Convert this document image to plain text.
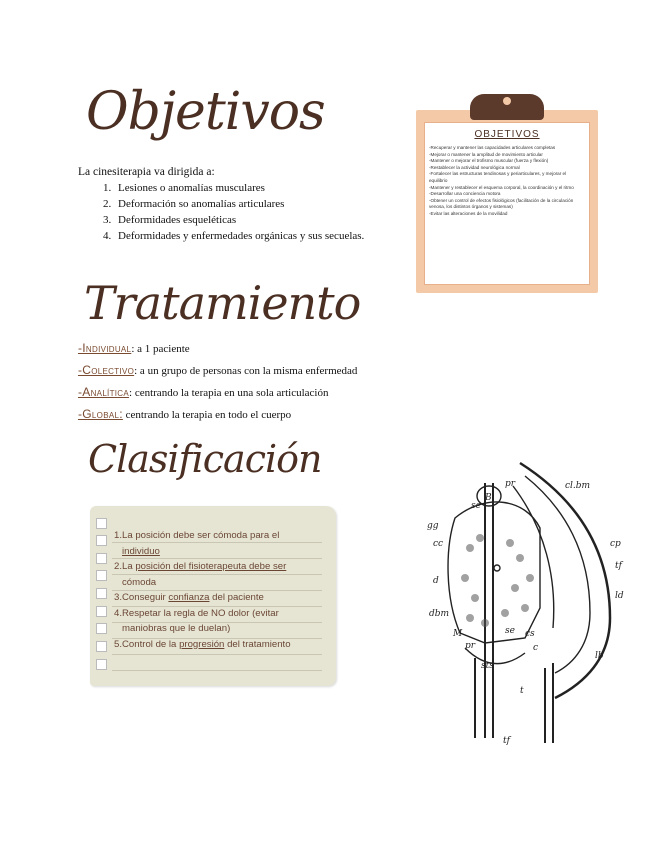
Objetivos
Tratamiento
Clasificación
La cinesiterapia va dirigida a:
1. Lesiones o anomalías musculares
2. Deformación so anomalías articulares
3. Deformidades esqueléticas
4. Deformidades y enfermedades orgánicas y sus secuelas.
OBJETIVOS
-Recuperar y mantener las capacidades articulares completas
-Mejorar o mantener la amplitud de movimiento articular
-Mantener o mejorar el trofismo muscular (fuerza y flexión)
-Restablecer la actividad neurológica normal
-Fortalecer las estructuras tendinosas y periarticulares, y mejorar el equilibrio
-Mantener y restablecer el esquema corporal, la coordinación y el ritmo
-Desarrollar una conciencia motora
-Obtener un control de efectos fisiológicos (facilitación de la circulación venosa, los distintos órganos y sistemas)
-Evitar las alteraciones de la movilidad
-Individual: a 1 paciente
-Colectivo: a un grupo de personas con la misma enfermedad
-Analítica: centrando la terapia en una sola articulación
-Global: centrando la terapia en todo el cuerpo
1.La posición debe ser cómoda para el
individuo
2.La posición del fisioterapeuta debe ser
cómoda
3.Conseguir confianza del paciente
4.Respetar la regla de NO dolor (evitar
maniobras que le duelan)
5.Control de la progresión del tratamiento
cl.bm
cp
B
pr
se
gg
cc
d
dbm
se
tf
ld
lb
M	cs
pr	c
sts
t
tf
